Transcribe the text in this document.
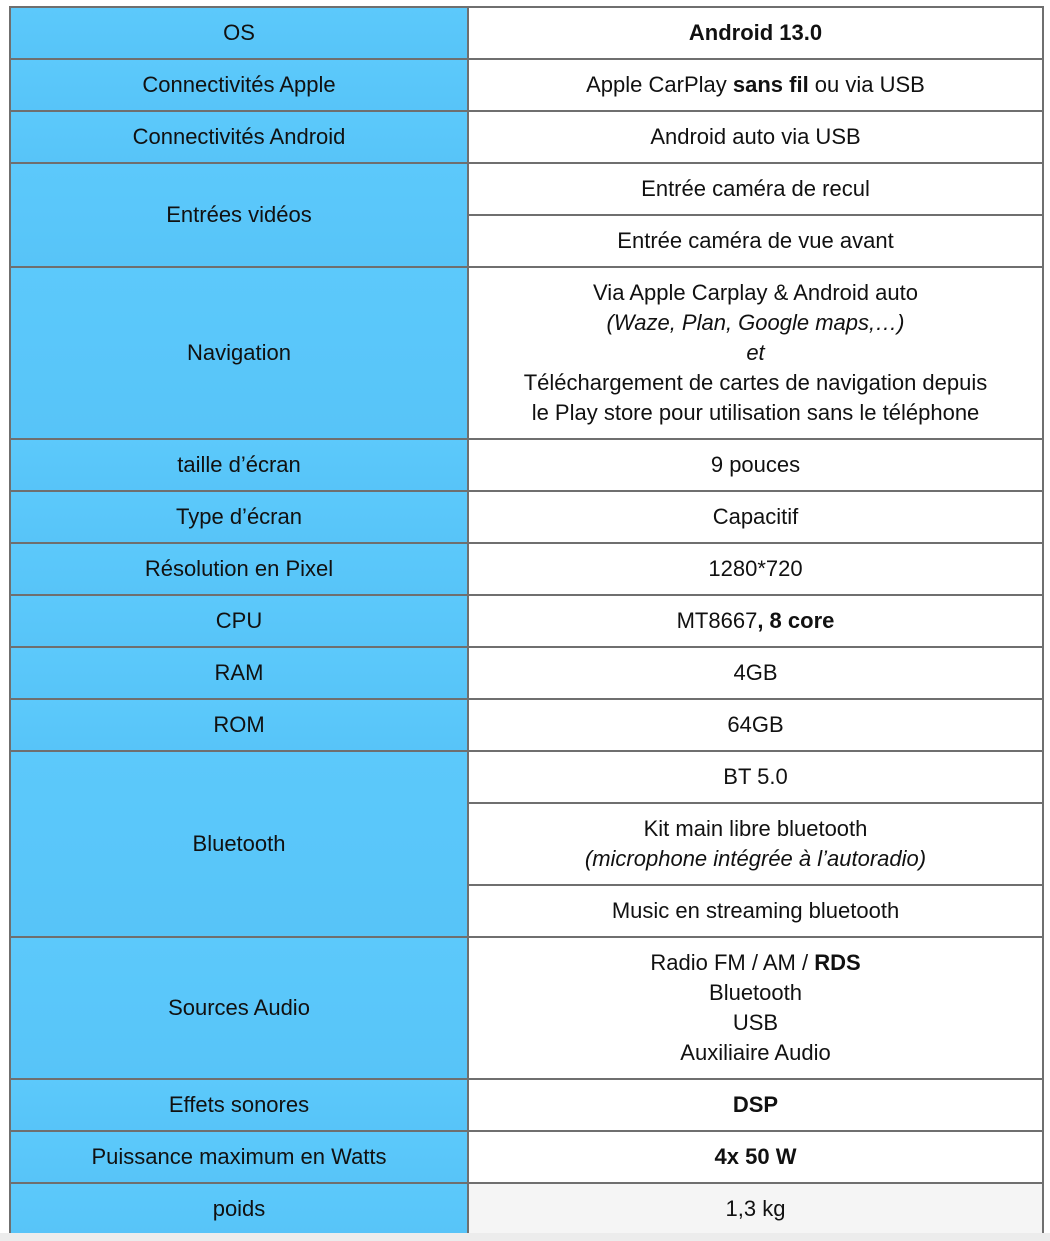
OS	Android 13.0
Connectivités Apple	Apple CarPlay sans fil ou via USB
Connectivités Android	Android auto via USB
Entrées vidéos	Entrée caméra de recul
	Entrée caméra de vue avant
Navigation	Via Apple Carplay & Android auto
(Waze, Plan, Google maps,…)
et
Téléchargement de cartes de navigation depuis
le Play store pour utilisation sans le téléphone
taille d’écran	9 pouces
Type d’écran	Capacitif
Résolution en Pixel	1280*720
CPU	MT8667, 8 core
RAM	4GB
ROM	64GB
Bluetooth	BT 5.0
	Kit main libre bluetooth
(microphone intégrée à l’autoradio)
	Music en streaming bluetooth
Sources Audio	Radio FM / AM / RDS
Bluetooth
USB
Auxiliaire Audio
Effets sonores	DSP
Puissance maximum en Watts	4x 50 W
poids	1,3 kg
